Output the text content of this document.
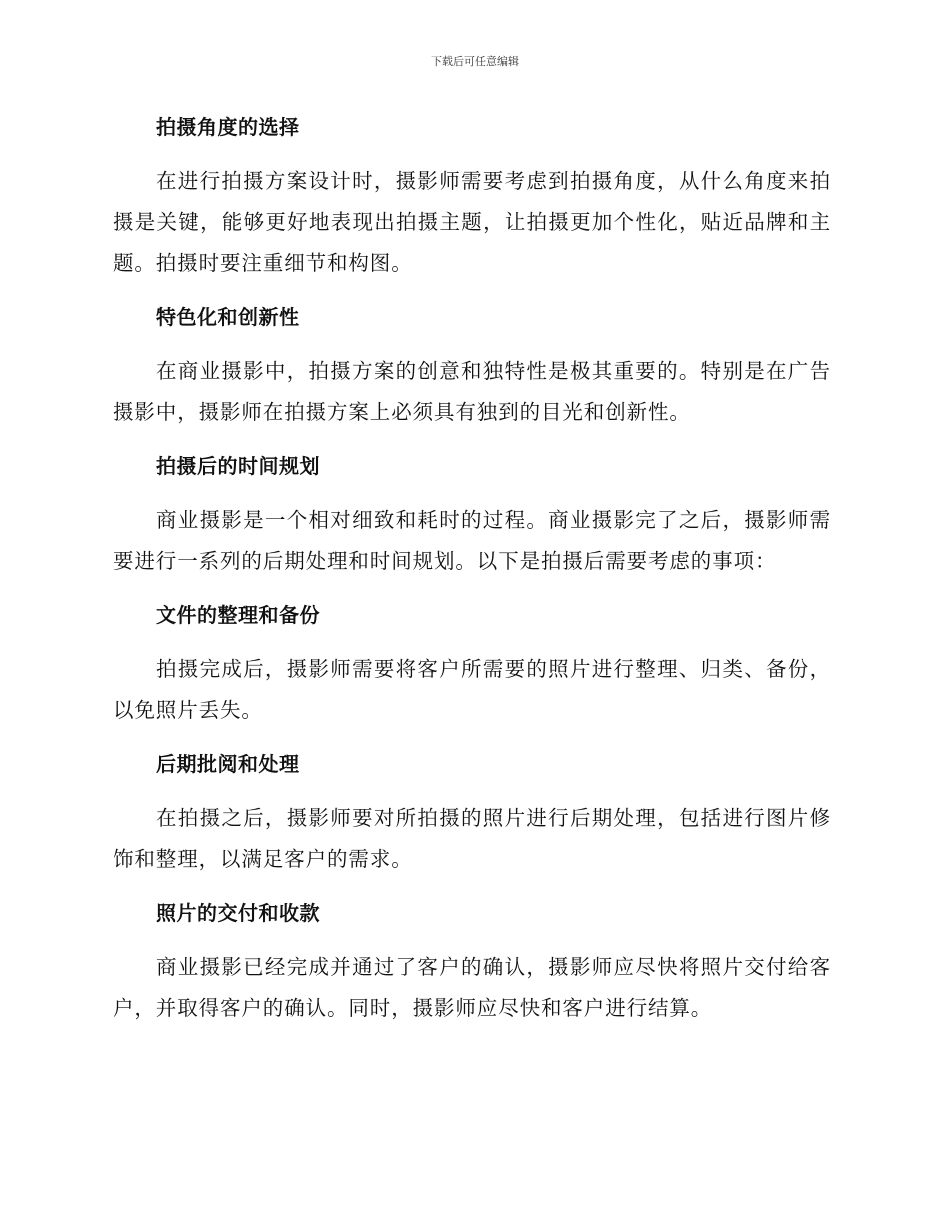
下载后可任意编辑
拍摄角度的选择

在进行拍摄方案设计时，摄影师需要考虑到拍摄角度，从什么角度来拍摄是关键，能够更好地表现出拍摄主题，让拍摄更加个性化，贴近品牌和主题。拍摄时要注重细节和构图。

特色化和创新性

在商业摄影中，拍摄方案的创意和独特性是极其重要的。特别是在广告摄影中，摄影师在拍摄方案上必须具有独到的目光和创新性。

拍摄后的时间规划

商业摄影是一个相对细致和耗时的过程。商业摄影完了之后，摄影师需要进行一系列的后期处理和时间规划。以下是拍摄后需要考虑的事项：

文件的整理和备份

拍摄完成后，摄影师需要将客户所需要的照片进行整理、归类、备份，以免照片丢失。

后期批阅和处理

在拍摄之后，摄影师要对所拍摄的照片进行后期处理，包括进行图片修饰和整理，以满足客户的需求。

照片的交付和收款

商业摄影已经完成并通过了客户的确认，摄影师应尽快将照片交付给客户，并取得客户的确认。同时，摄影师应尽快和客户进行结算。
